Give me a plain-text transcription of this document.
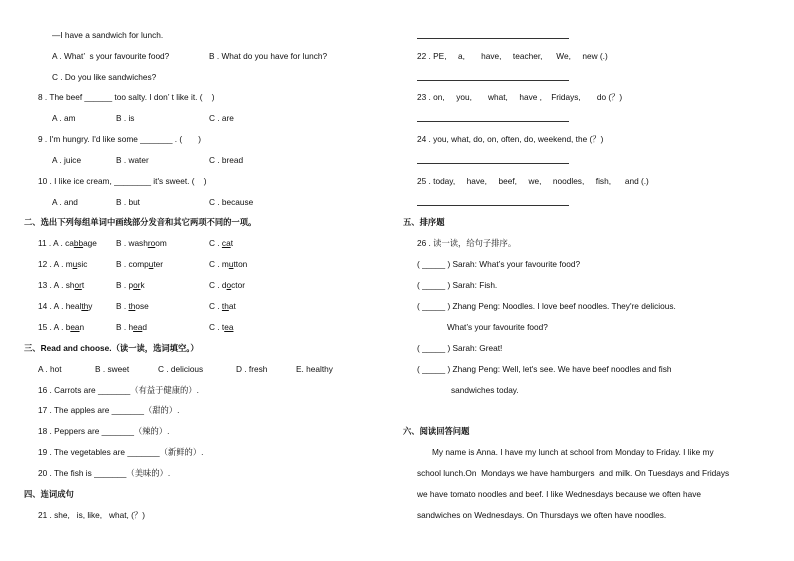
—I have a sandwich for lunch.
A . What’  s your favourite food?	B . What do you have for lunch?
C . Do you like sandwiches?
8 . The beef ______ too salty. I don’ t like it. (    )
A . am	B . is	C . are
9 . I'm hungry. I'd like some _______ . (       )
A . juice	B . water	C . bread
10 . I like ice cream, ________ it's sweet. (    )
A . and	B . but	C . because
二、选出下列每组单词中画线部分发音和其它两项不同的一项。
11 . A . cabbage B . washroom	C . cat
12 . A . music	B . computer	C . mutton
13 . A . short	B . pork	C . doctor
14 . A . healthy	B . those	C . that
15 . A . bean	B . head	C . tea
三、Read and choose.（读一读，选词填空。）
A . hot	B . sweet	C . delicious	D . fresh	E. healthy
16 . Carrots are _______（有益于健康的）.
17 . The apples are _______（甜的）.
18 . Peppers are _______（辣的）.
19 . The vegetables are _______（新鲜的）.
20 . The fish is _______（美味的）.
四、连词成句
21 . she,   is, like,   what, (？)
22 . PE,     a,       have,     teacher,      We,     new (.)
23 . on,     you,       what,     have ,    Fridays,       do (？)
24 . you, what, do, on, often, do, weekend, the (？)
25 . today,     have,     beef,     we,     noodles,     fish,      and (.)
五、排序题
26 . 读一读，给句子排序。
( _____ ) Sarah: What’s your favourite food?
( _____ ) Sarah: Fish.
( _____ ) Zhang Peng: Noodles. I love beef noodles. They're delicious.
What’s your favourite food?
( _____ ) Sarah: Great!
( _____ ) Zhang Peng: Well, let's see. We have beef noodles and fish
sandwiches today.
六、阅读回答问题
My name is Anna. I have my lunch at school from Monday to Friday. I like my
school lunch.On  Mondays we have hamburgers  and milk. On Tuesdays and Fridays
we have tomato noodles and beef. I like Wednesdays because we often have
sandwiches on Wednesdays. On Thursdays we often have noodles.
